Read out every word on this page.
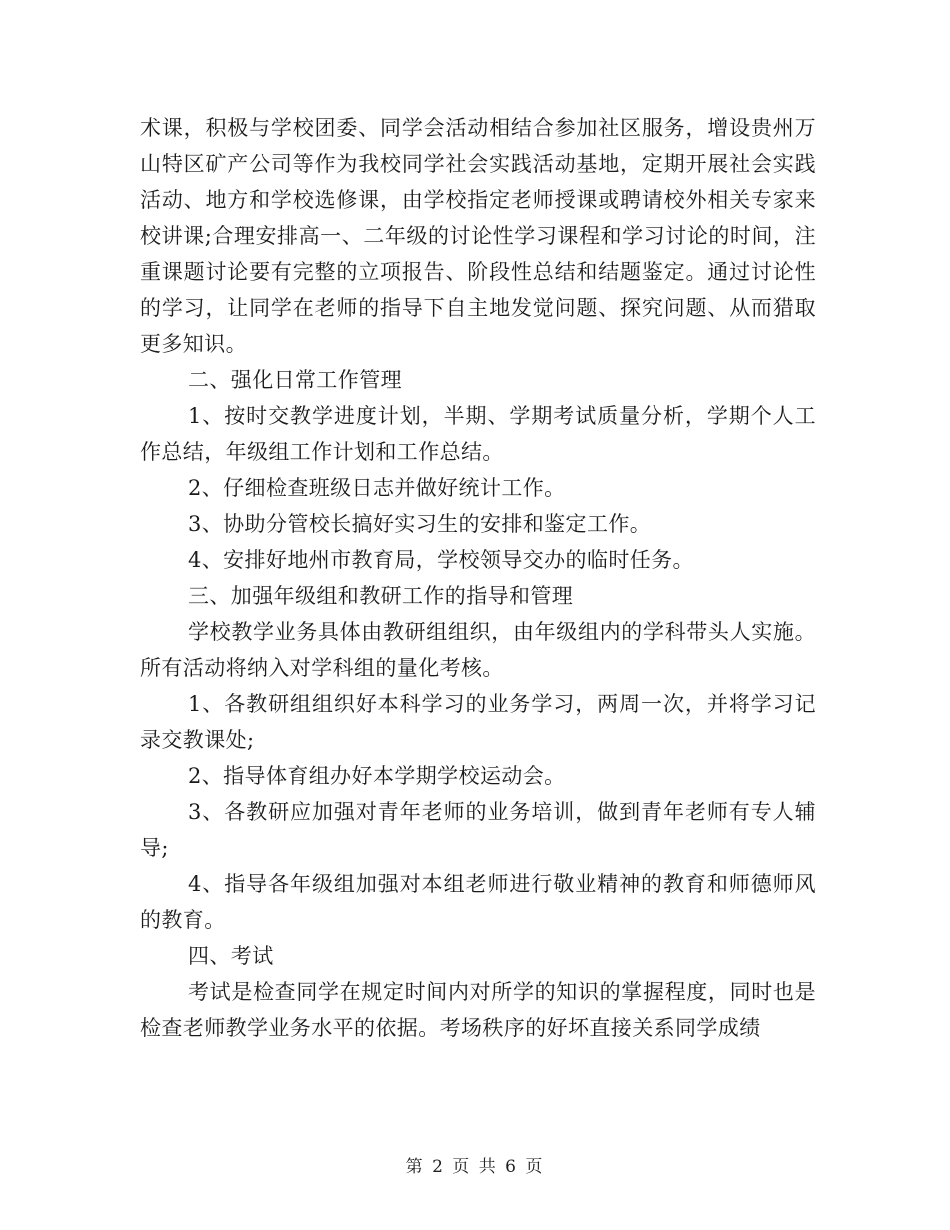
术课，积极与学校团委、同学会活动相结合参加社区服务，增设贵州万山特区矿产公司等作为我校同学社会实践活动基地，定期开展社会实践活动、地方和学校选修课，由学校指定老师授课或聘请校外相关专家来校讲课;合理安排高一、二年级的讨论性学习课程和学习讨论的时间，注重课题讨论要有完整的立项报告、阶段性总结和结题鉴定。通过讨论性的学习，让同学在老师的指导下自主地发觉问题、探究问题、从而猎取更多知识。

二、强化日常工作管理

1、按时交教学进度计划，半期、学期考试质量分析，学期个人工作总结，年级组工作计划和工作总结。

2、仔细检查班级日志并做好统计工作。

3、协助分管校长搞好实习生的安排和鉴定工作。

4、安排好地州市教育局，学校领导交办的临时任务。

三、加强年级组和教研工作的指导和管理

学校教学业务具体由教研组组织，由年级组内的学科带头人实施。所有活动将纳入对学科组的量化考核。

1、各教研组组织好本科学习的业务学习，两周一次，并将学习记录交教课处;

2、指导体育组办好本学期学校运动会。

3、各教研应加强对青年老师的业务培训，做到青年老师有专人辅导;

4、指导各年级组加强对本组老师进行敬业精神的教育和师德师风的教育。

四、考试

考试是检查同学在规定时间内对所学的知识的掌握程度，同时也是检查老师教学业务水平的依据。考场秩序的好坏直接关系同学成绩

第 2 页 共 6 页
